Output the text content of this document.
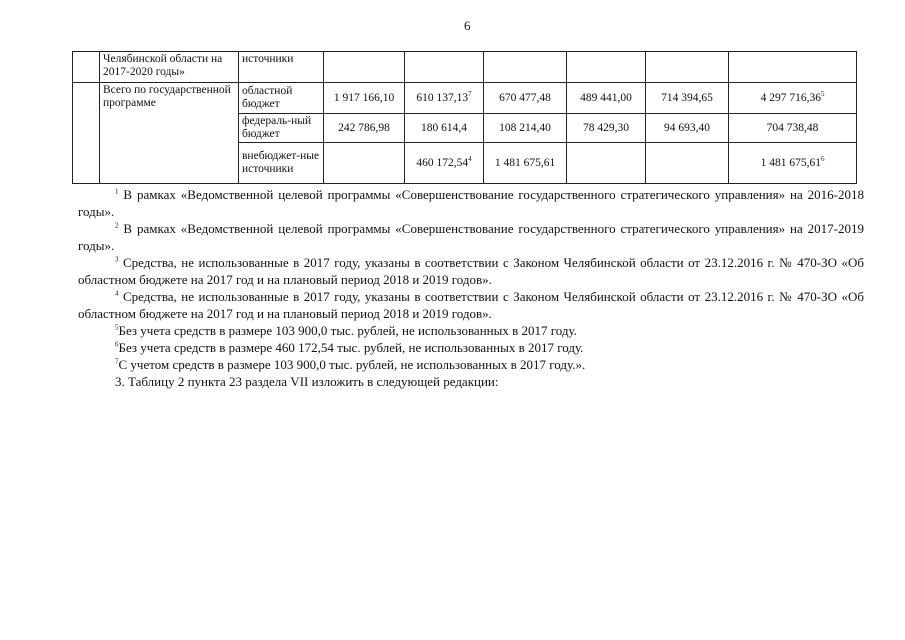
6
	Челябинской области на 2017-2020 годы»	источники						
	Всего по государственной программе	областной бюджет	1 917 166,10	610 137,13$^7$	670 477,48	489 441,00	714 394,65	4 297 716,36$^5$
		федераль-ный бюджет	242 786,98	180 614,4	108 214,40	78 429,30	94 693,40	704 738,48
		внебюджет-ные источники		460 172,54$^4$	1 481 675,61			1 481 675,61$^6$

$^1$ В рамках «Ведомственной целевой программы «Совершенствование государственного стратегического управления» на 2016-2018 годы».

$^2$ В рамках «Ведомственной целевой программы «Совершенствование государственного стратегического управления» на 2017-2019 годы».

$^3$ Средства, не использованные в 2017 году, указаны в соответствии с Законом Челябинской области от 23.12.2016 г. № 470-ЗО «Об областном бюджете на 2017 год и на плановый период 2018 и 2019 годов».

$^4$ Средства, не использованные в 2017 году, указаны в соответствии с Законом Челябинской области от 23.12.2016 г. № 470-ЗО «Об областном бюджете на 2017 год и на плановый период 2018 и 2019 годов».

$^5$Без учета средств в размере 103 900,0 тыс. рублей, не использованных в 2017 году.

$^6$Без учета средств в размере 460 172,54 тыс. рублей, не использованных в 2017 году.

$^7$С учетом средств в размере 103 900,0 тыс. рублей, не использованных в 2017 году.».

3. Таблицу 2 пункта 23 раздела VII изложить в следующей редакции:
